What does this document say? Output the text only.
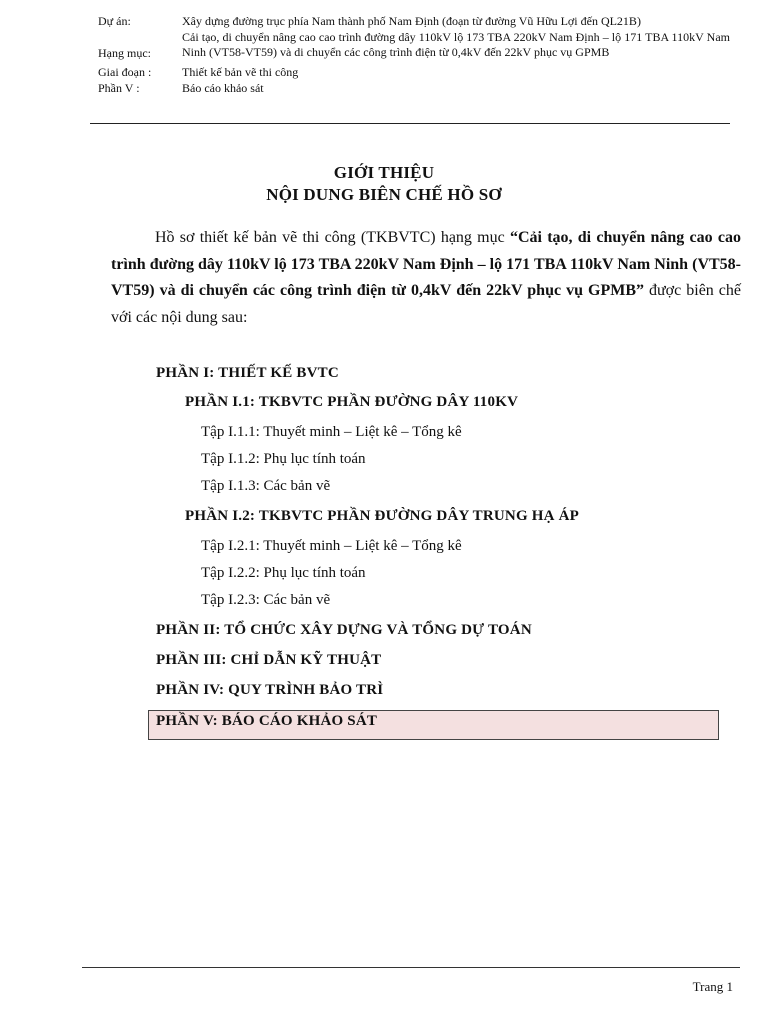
Dự án:	Xây dựng đường trục phía Nam thành phố Nam Định (đoạn từ đường Vũ Hữu Lợi đến QL21B)
Hạng mục:
Cải tạo, di chuyển nâng cao cao trình đường dây 110kV lộ 173 TBA 220kV Nam Định – lộ 171 TBA 110kV Nam Ninh (VT58-VT59) và di chuyển các công trình điện từ 0,4kV đến 22kV phục vụ GPMB
Giai đoạn :	Thiết kế bản vẽ thi công
Phần V :	Báo cáo khảo sát
GIỚI THIỆU
NỘI DUNG BIÊN CHẾ HỒ SƠ
Hồ sơ thiết kế bản vẽ thi công (TKBVTC) hạng mục “Cải tạo, di chuyển nâng cao cao trình đường dây 110kV lộ 173 TBA 220kV Nam Định – lộ 171 TBA 110kV Nam Ninh (VT58-VT59) và di chuyển các công trình điện từ 0,4kV đến 22kV phục vụ GPMB” được biên chế với các nội dung sau:
PHẦN I: THIẾT KẾ BVTC
PHẦN I.1: TKBVTC PHẦN ĐƯỜNG DÂY 110KV
Tập I.1.1: Thuyết minh – Liệt kê – Tổng kê
Tập I.1.2: Phụ lục tính toán
Tập I.1.3: Các bản vẽ
PHẦN I.2: TKBVTC PHẦN ĐƯỜNG DÂY TRUNG HẠ ÁP
Tập I.2.1: Thuyết minh – Liệt kê – Tổng kê
Tập I.2.2: Phụ lục tính toán
Tập I.2.3: Các bản vẽ
PHẦN II: TỔ CHỨC XÂY DỰNG VÀ TỔNG DỰ TOÁN
PHẦN III: CHỈ DẪN KỸ THUẬT
PHẦN IV: QUY TRÌNH BẢO TRÌ
PHẦN V: BÁO CÁO KHẢO SÁT
Trang 1
